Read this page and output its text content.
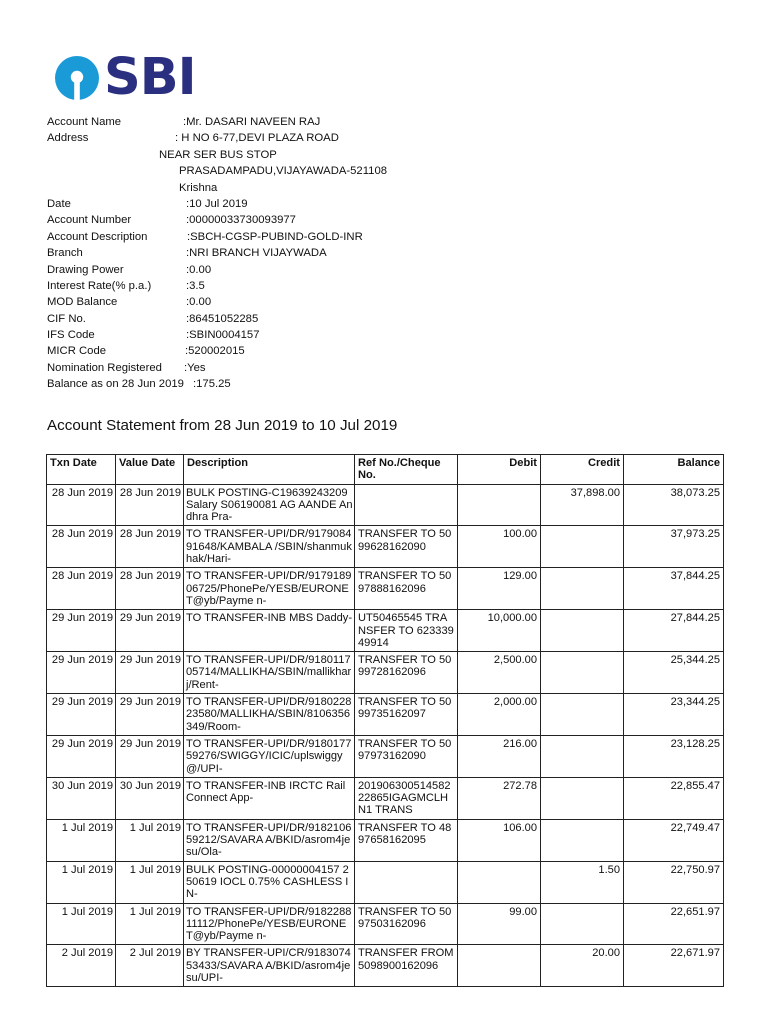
SBI
Account Name	:Mr. DASARI NAVEEN RAJ
Address	: H NO 6-77,DEVI PLAZA ROAD
NEAR SER BUS STOP
PRASADAMPADU,VIJAYAWADA-521108
Krishna
Date	:10 Jul 2019
Account Number	:00000033730093977
Account Description	:SBCH-CGSP-PUBIND-GOLD-INR
Branch	:NRI BRANCH VIJAYWADA
Drawing Power	:0.00
Interest Rate(% p.a.)	:3.5
MOD Balance	:0.00
CIF No.	:86451052285
IFS Code	:SBIN0004157
MICR Code	:520002015
Nomination Registered :Yes
Balance as on 28 Jun 2019 :175.25
Account Statement from 28 Jun 2019 to 10 Jul 2019
Txn Date	Value Date	Description	Ref No./Cheque No.	Debit	Credit	Balance
28 Jun 2019	28 Jun 2019	BULK POSTING-C19639243209Salary S06190081 AG AANDE Andhra Pra-			37,898.00	38,073.25
28 Jun 2019	28 Jun 2019	TO TRANSFER-UPI/DR/917908491648/KAMBALA /SBIN/shanmukhak/Hari-	TRANSFER TO 5099628162090	100.00		37,973.25
28 Jun 2019	28 Jun 2019	TO TRANSFER-UPI/DR/917918906725/PhonePe/YESB/EURONET@yb/Payme n-	TRANSFER TO 5097888162096	129.00		37,844.25
29 Jun 2019	29 Jun 2019	TO TRANSFER-INB MBS Daddy-	UT50465545 TRANSFER TO 62333949914	10,000.00		27,844.25
29 Jun 2019	29 Jun 2019	TO TRANSFER-UPI/DR/918011705714/MALLIKHA/SBIN/mallikharj/Rent-	TRANSFER TO 5099728162096	2,500.00		25,344.25
29 Jun 2019	29 Jun 2019	TO TRANSFER-UPI/DR/918022823580/MALLIKHA/SBIN/8106356349/Room-	TRANSFER TO 5099735162097	2,000.00		23,344.25
29 Jun 2019	29 Jun 2019	TO TRANSFER-UPI/DR/918017759276/SWIGGY/ICIC/uplswiggy@/UPI-	TRANSFER TO 5097973162090	216.00		23,128.25
30 Jun 2019	30 Jun 2019	TO TRANSFER-INB IRCTC Rail Connect App-	20190630051458222865IGAGMCLHN1 TRANS	272.78		22,855.47
1 Jul 2019	1 Jul 2019	TO TRANSFER-UPI/DR/918210659212/SAVARA A/BKID/asrom4jesu/Ola-	TRANSFER TO 4897658162095	106.00		22,749.47
1 Jul 2019	1 Jul 2019	BULK POSTING-00000004157 250619 IOCL 0.75% CASHLESS IN-			1.50	22,750.97
1 Jul 2019	1 Jul 2019	TO TRANSFER-UPI/DR/918228811112/PhonePe/YESB/EURONET@yb/Payme n-	TRANSFER TO 5097503162096	99.00		22,651.97
2 Jul 2019	2 Jul 2019	BY TRANSFER-UPI/CR/918307453433/SAVARA A/BKID/asrom4jesu/UPI-	TRANSFER FROM 5098900162096		20.00	22,671.97
